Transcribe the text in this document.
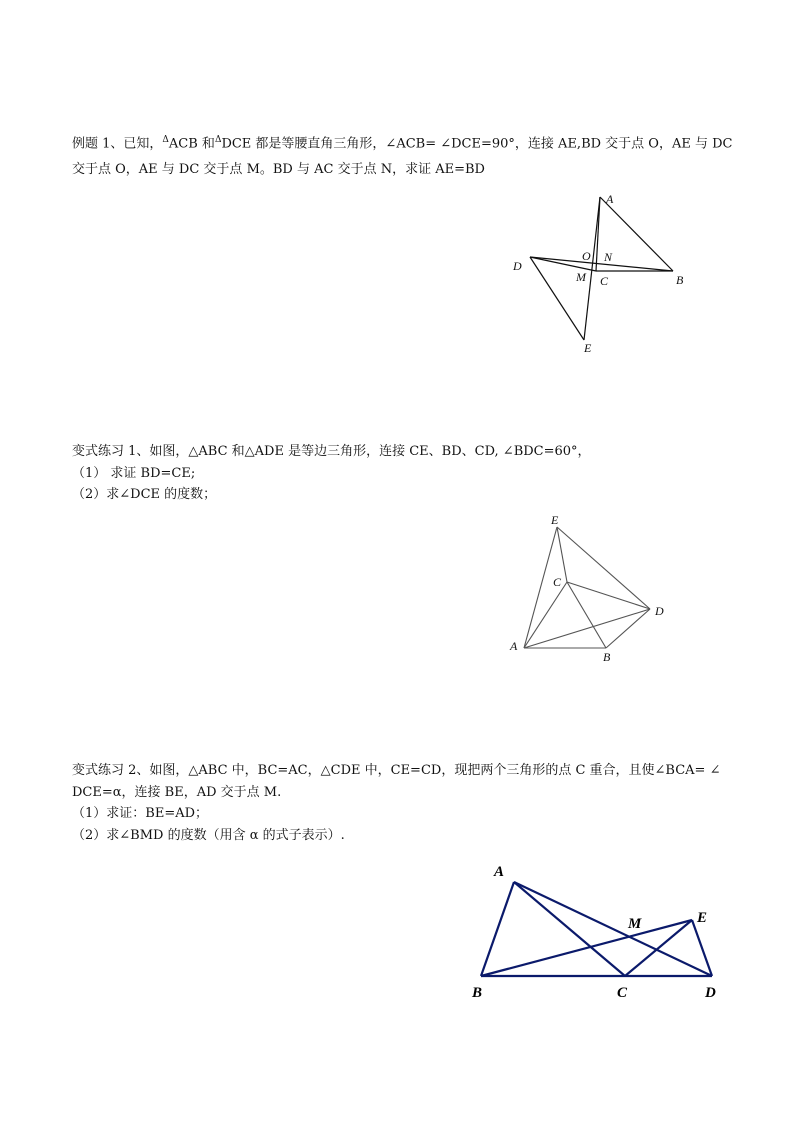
例题 1、已知，$^\Delta$ACB 和$^\Delta$DCE 都是等腰直角三角形，∠ACB= ∠DCE=90°，连接 AE,BD 交于点 O，AE 与 DC
交于点 O，AE 与 DC 交于点 M。BD 与 AC 交于点 N，求证 AE=BD
A
O N
D
M C	B
E
变式练习 1、如图，△ABC 和△ADE 是等边三角形，连接 CE、BD、CD, ∠BDC=60°，
（1） 求证 BD=CE;
（2）求∠DCE 的度数；
E
C
D
A
B
变式练习 2、如图，△ABC 中，BC=AC，△CDE 中，CE=CD，现把两个三角形的点 C 重合，且使∠BCA= ∠
DCE=α，连接 BE，AD 交于点 M.
（1）求证：BE=AD；
（2）求∠BMD 的度数（用含 α 的式子表示）.
A
M	E
B	C	D
